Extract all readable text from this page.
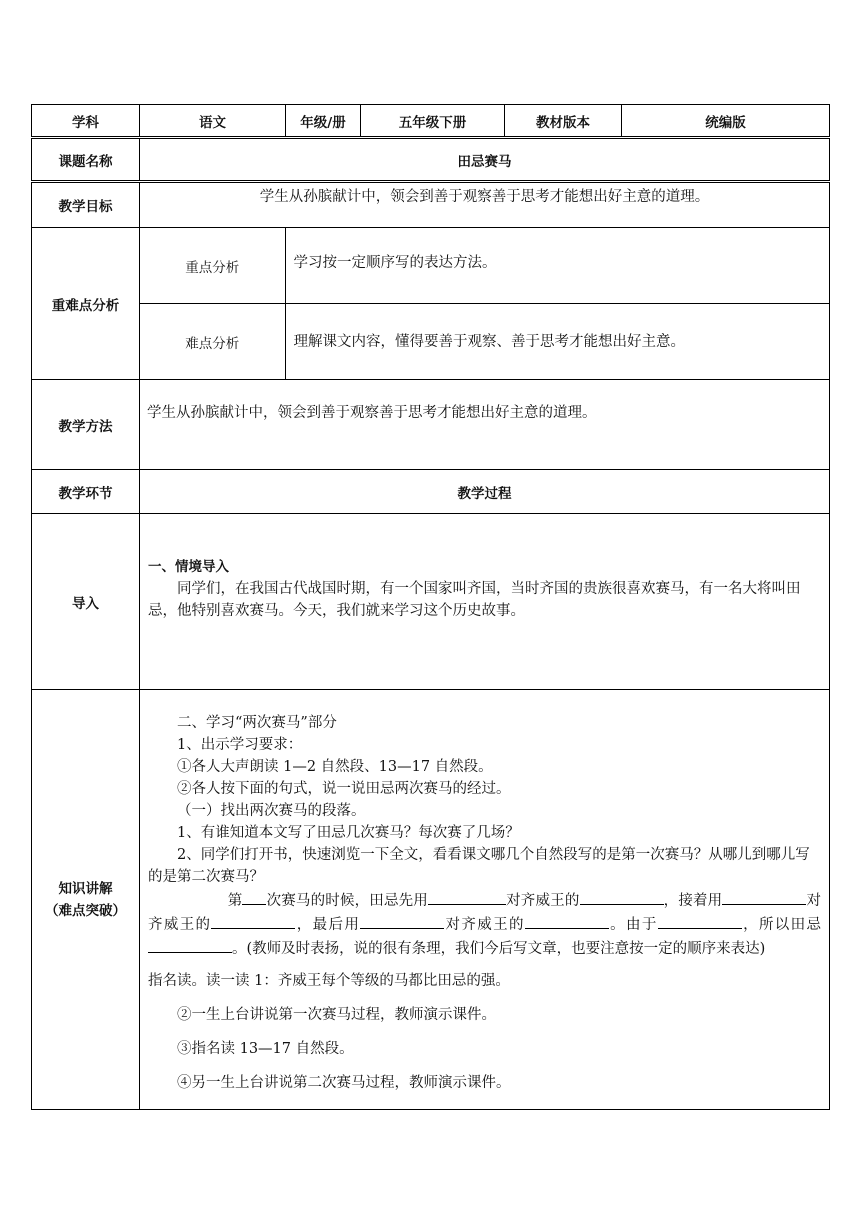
学科	语文	年级/册	五年级下册	教材版本	统编版
课题名称	田忌赛马
教学目标	

学生从孙膑献计中，领会到善于观察善于思考才能想出好主意的道理。

重难点分析	
重点分析	学习按一定顺序写的表达方法。
难点分析	理解课文内容，懂得要善于观察、善于思考才能想出好主意。

教学方法	

学生从孙膑献计中，领会到善于观察善于思考才能想出好主意的道理。

教学环节	教学过程
导入	

一、情境导入

同学们，在我国古代战国时期，有一个国家叫齐国，当时齐国的贵族很喜欢赛马，有一名大将叫田忌，他特别喜欢赛马。今天，我们就来学习这个历史故事。

知识讲解
（难点突破）

二、学习“两次赛马”部分

1、出示学习要求：

①各人大声朗读 1—2 自然段、13—17 自然段。

②各人按下面的句式，说一说田忌两次赛马的经过。

（一）找出两次赛马的段落。

1、有谁知道本文写了田忌几次赛马？每次赛了几场？

2、同学们打开书，快速浏览一下全文，看看课文哪几个自然段写的是第一次赛马？从哪儿到哪儿写的是第二次赛马？

第 次赛马的时候，田忌先用	对齐威王的	，接着用	对齐威王的	，最后用	对齐威王的	。由于	，所以田忌。(教师及时表扬，说的很有条理，我们今后写文章，也要注意按一定的顺序来表达)

指名读。读一读 1：齐威王每个等级的马都比田忌的强。

②一生上台讲说第一次赛马过程，教师演示课件。

③指名读 13—17 自然段。

④另一生上台讲说第二次赛马过程，教师演示课件。
